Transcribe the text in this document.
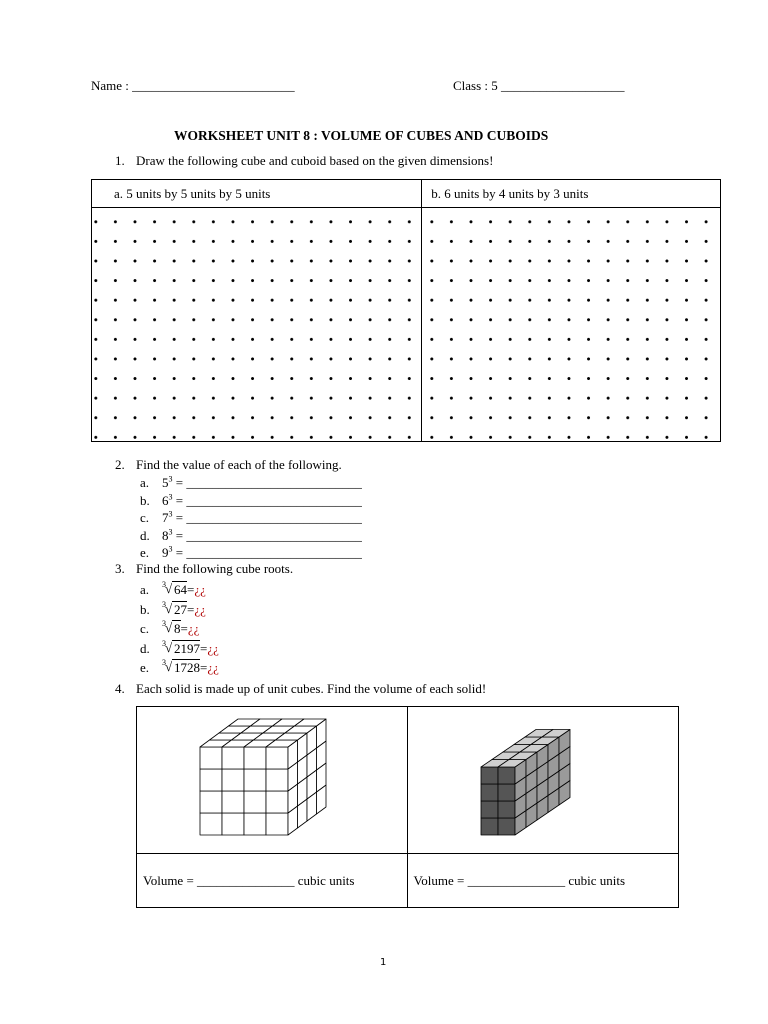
Name : _________________________	Class : 5 ___________________
WORKSHEET UNIT 8 : VOLUME OF CUBES AND CUBOIDS
1. Draw the following cube and cuboid based on the given dimensions!
a. 5 units by 5 units by 5 units	b. 6 units by 4 units by 3 units

2. Find the value of each of the following.
a. $5^3$ = ___________________________
b. $6^3$ = ___________________________
c. $7^3$ = ___________________________
d. $8^3$ = ___________________________
e. $9^3$ = ___________________________
3. Find the following cube roots.
a. 3 √ 64=¿¿
b. 3 √ 27=¿¿
c. 3 √ 8=¿¿
d. 3 √ 2197=¿¿
e. 3 √ 1728=¿¿
4. Each solid is made up of unit cubes. Find the volume of each solid!

Volume = _______________ cubic units	Volume = _______________ cubic units
1
